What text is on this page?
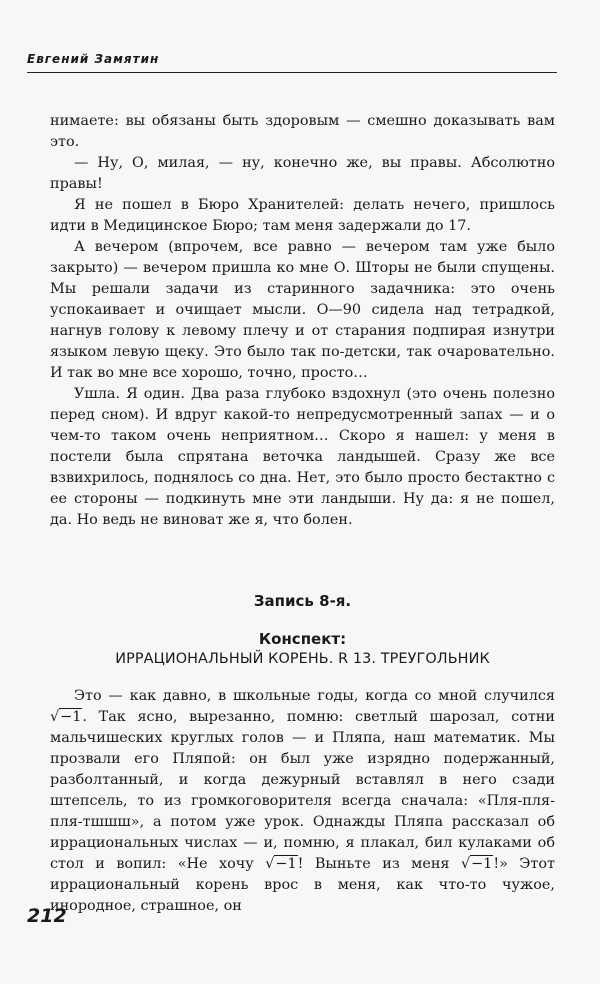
Евгений Замятин

нимаете: вы обязаны быть здоровым — смешно доказывать вам это.

— Ну, О, милая, — ну, конечно же, вы правы. Абсолютно правы!

Я не пошел в Бюро Хранителей: делать нечего, пришлось идти в Медицинское Бюро; там меня задержали до 17.

А вечером (впрочем, все равно — вечером там уже было закрыто) — вечером пришла ко мне О. Шторы не были спущены. Мы решали задачи из старинного задачника: это очень успокаивает и очищает мысли. О—90 сидела над тетрадкой, нагнув голову к левому плечу и от старания подпирая изнутри языком левую щеку. Это было так по-детски, так очаровательно. И так во мне все хорошо, точно, просто…

Ушла. Я один. Два раза глубоко вздохнул (это очень полезно перед сном). И вдруг какой-то непредусмотренный запах — и о чем-то таком очень неприятном… Скоро я нашел: у меня в постели была спрятана веточка ландышей. Сразу же все взвихрилось, поднялось со дна. Нет, это было просто бестактно с ее стороны — подкинуть мне эти ландыши. Ну да: я не пошел, да. Но ведь не виноват же я, что болен.

Запись 8-я.
Конспект:
ИРРАЦИОНАЛЬНЫЙ КОРЕНЬ. R 13. ТРЕУГОЛЬНИК

Это — как давно, в школьные годы, когда со мной случился √−1. Так ясно, вырезанно, помню: светлый шарозал, сотни мальчишеских круглых голов — и Пляпа, наш математик. Мы прозвали его Пляпой: он был уже изрядно подержанный, разболтанный, и когда дежурный вставлял в него сзади штепсель, то из громкоговорителя всегда сначала: «Пля-пля-пля-тшшш», а потом уже урок. Однажды Пляпа рассказал об иррациональных числах — и, помню, я плакал, бил кулаками об стол и вопил: «Не хочу √−1! Выньте из меня √−1!» Этот иррациональный корень врос в меня, как что-то чужое, инородное, страшное, он

212
